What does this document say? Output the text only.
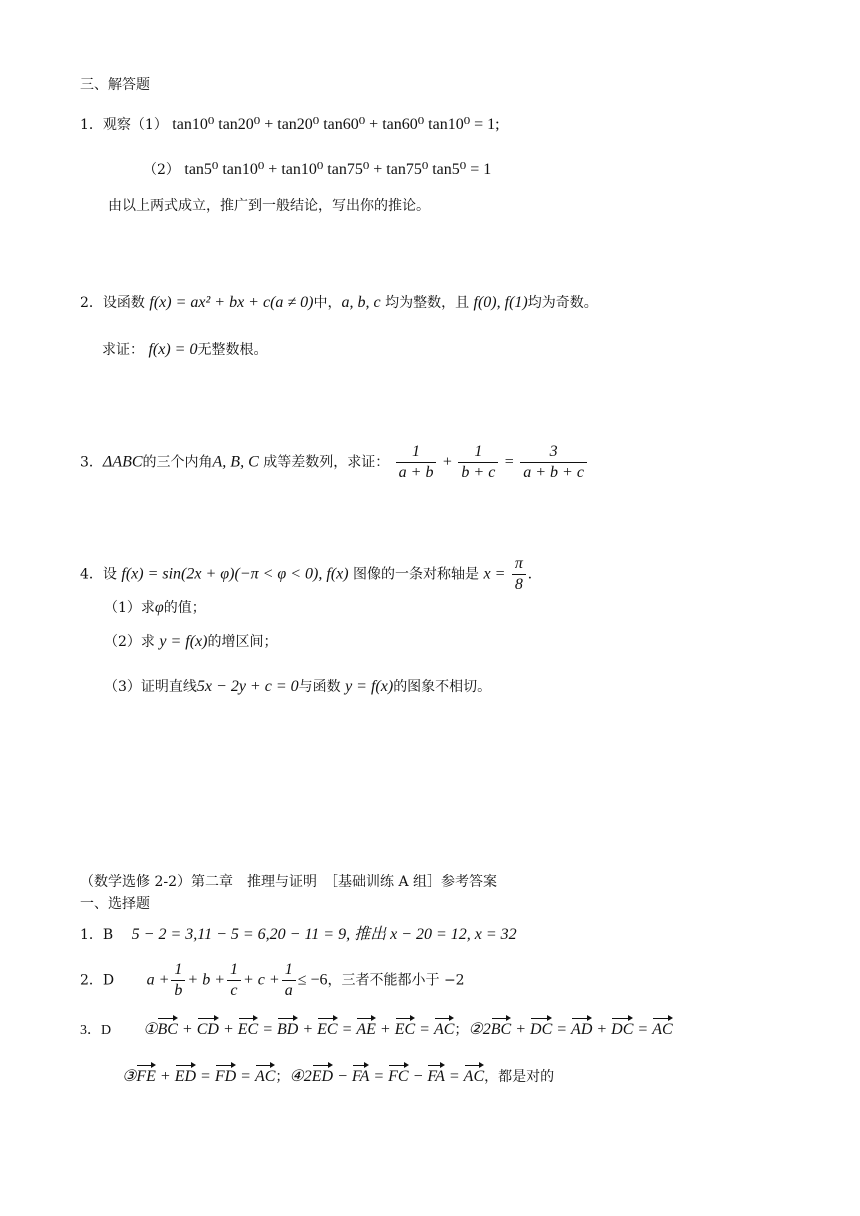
三、解答题
1．观察（1） tan10⁰ tan20⁰ + tan20⁰ tan60⁰ + tan60⁰ tan10⁰ = 1;
（2） tan5⁰ tan10⁰ + tan10⁰ tan75⁰ + tan75⁰ tan5⁰ = 1
由以上两式成立，推广到一般结论，写出你的推论。
2．设函数 f(x) = ax² + bx + c(a ≠ 0)中，a, b, c 均为整数，且 f(0), f(1)均为奇数。
求证： f(x) = 0无整数根。
3．ΔABC的三个内角A, B, C 成等差数列，求证： $\frac{1}{a + b} + \frac{1}{b + c} = \frac{3}{a + b + c}$
4．设 f(x) = sin(2x + φ)(−π < φ < 0), f(x) 图像的一条对称轴是 $x = \frac{\pi}{8}$ .
（1）求φ的值；
（2）求 y = f(x)的增区间；
（3）证明直线5x − 2y + c = 0与函数 y = f(x)的图象不相切。
（数学选修 2-2）第二章　推理与证明　［基础训练 A 组］参考答案
一、选择题
1．B 5 − 2 = 3,11 − 5 = 6,20 − 11 = 9, 推出 x − 20 = 12, x = 32
2．D $a + \frac{1}{b} + b + \frac{1}{c} + c + \frac{1}{a} \le -6$，三者不能都小于 −2
3．D ①BC + CD + EC = BD + EC = AE + EC = AC；②2BC + DC = AD + DC = AC
③FE + ED = FD = AC；④2ED − FA = FC − FA = AC，都是对的
